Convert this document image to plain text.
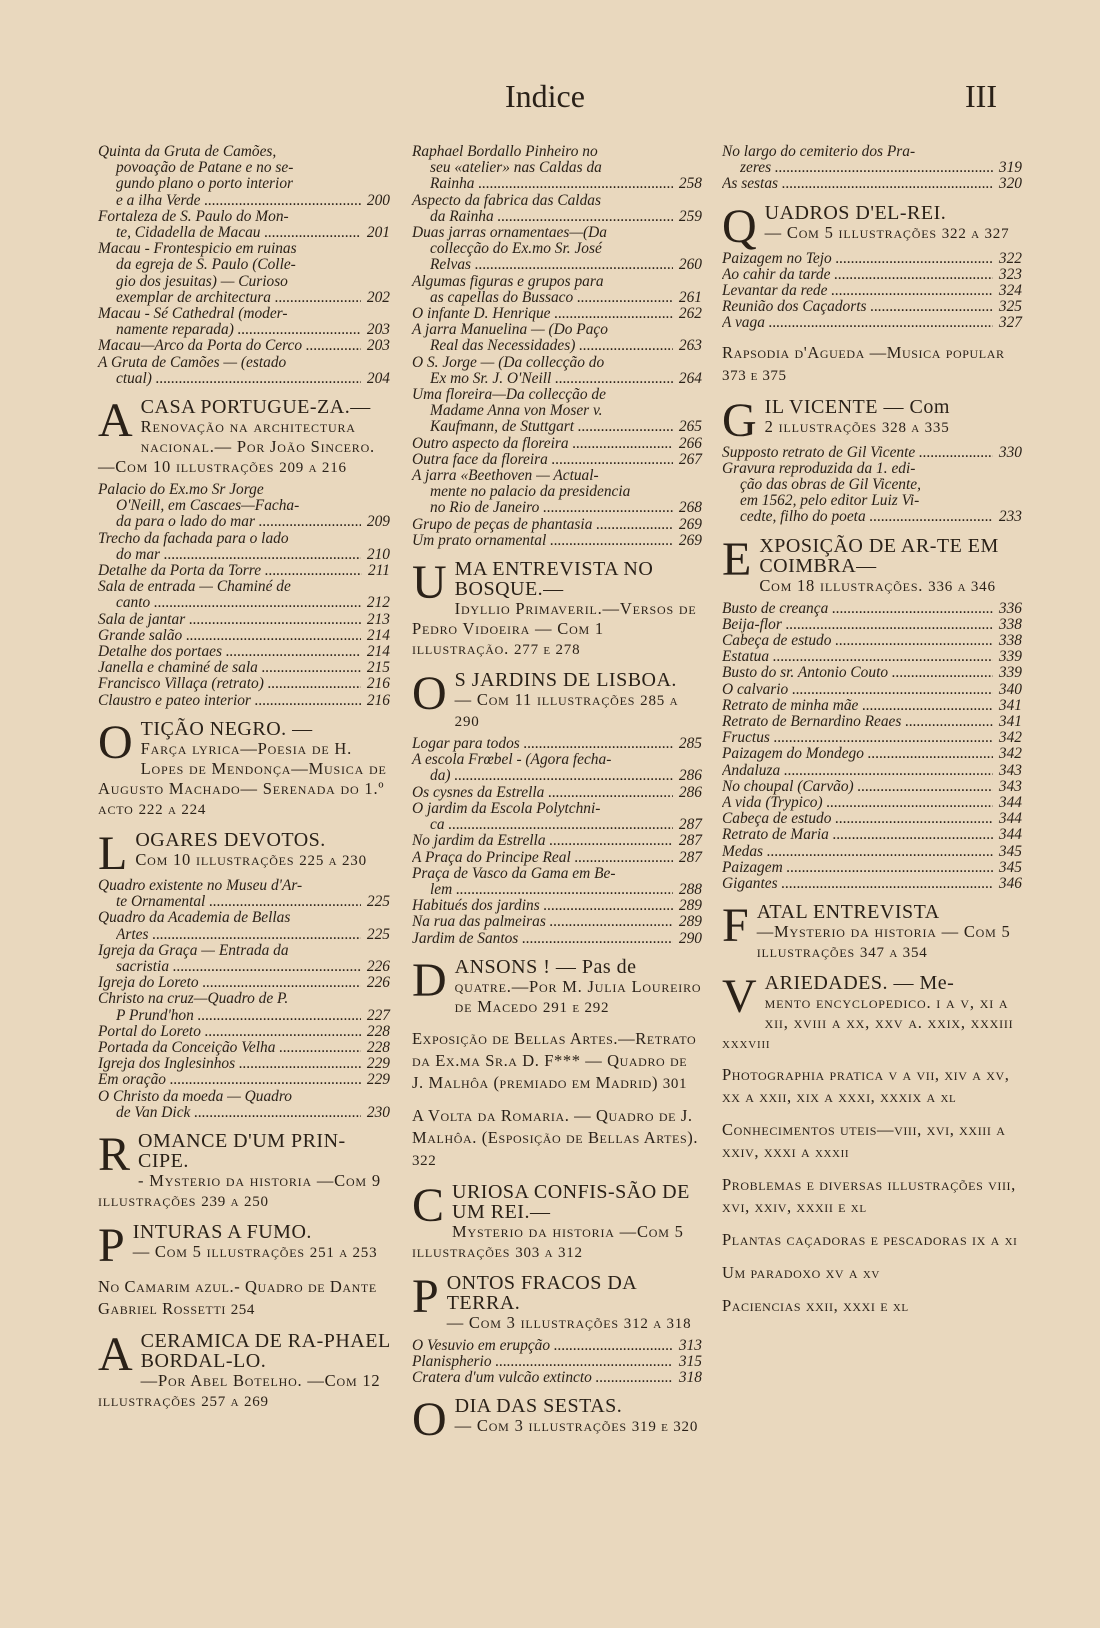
Indice	III
Quinta da Gruta de Camões,
povoação de Patane e no se-
gundo plano o porto interior
e a ilha Verde .....	200
Fortaleza de S. Paulo do Mon-
te, Cidadella de Macau .....	201
Macau - Frontespicio em ruinas
da egreja de S. Paulo (Colle-
gio dos jesuitas) — Curioso
exemplar de architectura .....	202
Macau - Sé Cathedral (moder-
namente reparada) .....	203
Macau—Arco da Porta do Cerco .....	203
A Gruta de Camões — (estado
ctual) .....	204
A CASA PORTUGUE-ZA.—
Renovação na architectura nacional.— Por João Sincero.—Com 10 illustrações 209 a 216
Palacio do Ex.mo Sr Jorge
O'Neill, em Cascaes—Facha-
da para o lado do mar .....	209
Trecho da fachada para o lado
do mar .....	210
Detalhe da Porta da Torre .....	211
Sala de entrada — Chaminé de
canto .....	212
Sala de jantar .....	213
Grande salão .....	214
Detalhe dos portaes .....	214
Janella e chaminé de sala .....	215
Francisco Villaça (retrato) .....	216
Claustro e pateo interior .....	216
O TIÇÃO NEGRO. —
Farça lyrica—Poesia de H. Lopes de Mendonça—Musica de Augusto Machado— Serenada do 1.º acto 222 a 224
L OGARES DEVOTOS.
Com 10 illustrações 225 a 230
Quadro existente no Museu d'Ar-
te Ornamental .....	225
Quadro da Academia de Bellas
Artes .....	225
Igreja da Graça — Entrada da
sacristia .....	226
Igreja do Loreto .....	226
Christo na cruz—Quadro de P.
P Prund'hon .....	227
Portal do Loreto .....	228
Portada da Conceição Velha .....	228
Igreja dos Inglesinhos .....	229
Em oração .....	229
O Christo da moeda — Quadro
de Van Dick .....	230
R OMANCE D'UM PRIN-CIPE.
- Mysterio da historia —Com 9 illustrações 239 a 250
P INTURAS A FUMO.
— Com 5 illustrações 251 a 253
No Camarim azul.- Quadro de Dante Gabriel Rossetti 254
A CERAMICA DE RA-PHAEL BORDAL-LO.
—Por Abel Botelho. —Com 12 illustrações 257 a 269
Raphael Bordallo Pinheiro no
seu «atelier» nas Caldas da
Rainha .....	258
Aspecto da fabrica das Caldas
da Rainha .....	259
Duas jarras ornamentaes—(Da
collecção do Ex.mo Sr. José
Relvas .....	260
Algumas figuras e grupos para
as capellas do Bussaco .....	261
O infante D. Henrique .....	262
A jarra Manuelina — (Do Paço
Real das Necessidades) .....	263
O S. Jorge — (Da collecção do
Ex mo Sr. J. O'Neill .....	264
Uma floreira—Da collecção de
Madame Anna von Moser v.
Kaufmann, de Stuttgart .....	265
Outro aspecto da floreira .....	266
Outra face da floreira .....	267
A jarra «Beethoven — Actual-
mente no palacio da presidencia
no Rio de Janeiro .....	268
Grupo de peças de phantasia .....	269
Um prato ornamental .....	269
U MA ENTREVISTA NO BOSQUE.—
Idyllio Primaveril.—Versos de Pedro Vidoeira — Com 1 illustração. 277 e 278
O S JARDINS DE LISBOA.
— Com 11 illustrações 285 a 290
Logar para todos .....	285
A escola Frœbel - (Agora fecha-
da) .....	286
Os cysnes da Estrella .....	286
O jardim da Escola Polytchni-
ca .....	287
No jardim da Estrella .....	287
A Praça do Principe Real .....	287
Praça de Vasco da Gama em Be-
lem .....	288
Habitués dos jardins .....	289
Na rua das palmeiras .....	289
Jardim de Santos .....	290
D ANSONS ! — Pas de
quatre.—Por M. Julia Loureiro de Macedo 291 e 292
Exposição de Bellas Artes.—Retrato da Ex.ma Sr.a D. F*** — Quadro de J. Malhôa (premiado em Madrid) 301
A Volta da Romaria. — Quadro de J. Malhôa. (Esposição de Bellas Artes). 322
C URIOSA CONFIS-SÃO DE UM REI.—
Mysterio da historia —Com 5 illustrações 303 a 312
P ONTOS FRACOS DA TERRA.
— Com 3 illustrações 312 a 318
O Vesuvio em erupção .....	313
Planispherio .....	315
Cratera d'um vulcão extincto .....	318
O DIA DAS SESTAS.
— Com 3 illustrações 319 e 320
No largo do cemiterio dos Pra-
zeres .....	319
As sestas .....	320
Q UADROS D'EL-REI.
— Com 5 illustrações 322 a 327
Paizagem no Tejo .....	322
Ao cahir da tarde .....	323
Levantar da rede .....	324
Reunião dos Caçadorts .....	325
A vaga .....	327
Rapsodia d'Agueda —Musica popular 373 e 375
G IL VICENTE — Com
2 illustrações 328 a 335
Supposto retrato de Gil Vicente .....	330
Gravura reproduzida da 1. edi-
ção das obras de Gil Vicente,
em 1562, pelo editor Luiz Vi-
cedte, filho do poeta .....	233
E XPOSIÇÃO DE AR-TE EM COIMBRA—
Com 18 illustrações. 336 a 346
Busto de creança .....	336
Beija-flor .....	338
Cabeça de estudo .....	338
Estatua .....	339
Busto do sr. Antonio Couto .....	339
O calvario .....	340
Retrato de minha mãe .....	341
Retrato de Bernardino Reaes .....	341
Fructus .....	342
Paizagem do Mondego .....	342
Andaluza .....	343
No choupal (Carvão) .....	343
A vida (Trypico) .....	344
Cabeça de estudo .....	344
Retrato de Maria .....	344
Medas .....	345
Paizagem .....	345
Gigantes .....	346
F ATAL ENTREVISTA
—Mysterio da historia — Com 5 illustrações 347 a 354
V ARIEDADES. — Me-
mento encyclopedico. i a v, xi a xii, xviii a xx, xxv a. xxix, xxxiii xxxviii
Photographia pratica v a vii, xiv a xv, xx a xxii, xix a xxxi, xxxix a xl
Conhecimentos uteis—viii, xvi, xxiii a xxiv, xxxi a xxxii
Problemas e diversas illustrações viii, xvi, xxiv, xxxii e xl
Plantas caçadoras e pescadoras ix a xi
Um paradoxo xv a xv
Paciencias xxii, xxxi e xl
